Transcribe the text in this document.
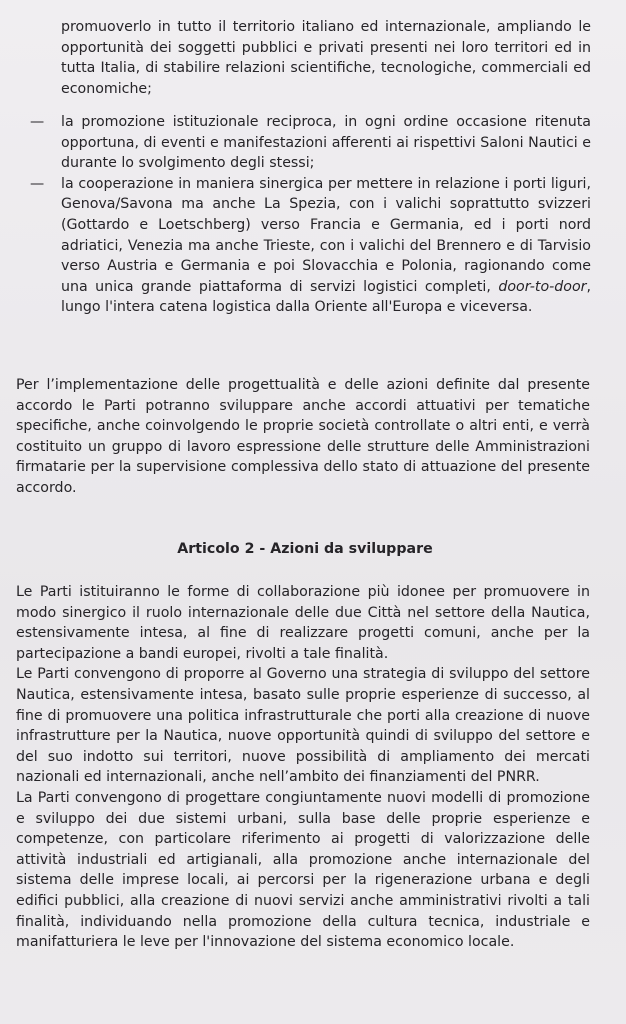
promuoverlo in tutto il territorio italiano ed internazionale, ampliando le opportunità dei soggetti pubblici e privati presenti nei loro territori ed in tutta Italia, di stabilire relazioni scientifiche, tecnologiche, commerciali ed economiche;

— la promozione istituzionale reciproca, in ogni ordine occasione ritenuta opportuna, di eventi e manifestazioni afferenti ai rispettivi Saloni Nautici e durante lo svolgimento degli stessi;

— la cooperazione in maniera sinergica per mettere in relazione i porti liguri, Genova/Savona ma anche La Spezia, con i valichi soprattutto svizzeri (Gottardo e Loetschberg) verso Francia e Germania, ed i porti nord adriatici, Venezia ma anche Trieste, con i valichi del Brennero e di Tarvisio verso Austria e Germania e poi Slovacchia e Polonia, ragionando come una unica grande piattaforma di servizi logistici completi, door-to-door, lungo l'intera catena logistica dalla Oriente all'Europa e viceversa.

Per l’implementazione delle progettualità e delle azioni definite dal presente accordo le Parti potranno sviluppare anche accordi attuativi per tematiche specifiche, anche coinvolgendo le proprie società controllate o altri enti, e verrà costituito un gruppo di lavoro espressione delle strutture delle Amministrazioni firmatarie per la supervisione complessiva dello stato di attuazione del presente accordo.

Articolo 2 - Azioni da sviluppare

Le Parti istituiranno le forme di collaborazione più idonee per promuovere in modo sinergico il ruolo internazionale delle due Città nel settore della Nautica, estensivamente intesa, al fine di realizzare progetti comuni, anche per la partecipazione a bandi europei, rivolti a tale finalità.

Le Parti convengono di proporre al Governo una strategia di sviluppo del settore Nautica, estensivamente intesa, basato sulle proprie esperienze di successo, al fine di promuovere una politica infrastrutturale che porti alla creazione di nuove infrastrutture per la Nautica, nuove opportunità quindi di sviluppo del settore e del suo indotto sui territori, nuove possibilità di ampliamento dei mercati nazionali ed internazionali, anche nell’ambito dei finanziamenti del PNRR.

La Parti convengono di progettare congiuntamente nuovi modelli di promozione e sviluppo dei due sistemi urbani, sulla base delle proprie esperienze e competenze, con particolare riferimento ai progetti di valorizzazione delle attività industriali ed artigianali, alla promozione anche internazionale del sistema delle imprese locali, ai percorsi per la rigenerazione urbana e degli edifici pubblici, alla creazione di nuovi servizi anche amministrativi rivolti a tali finalità, individuando nella promozione della cultura tecnica, industriale e manifatturiera le leve per l'innovazione del sistema economico locale.
